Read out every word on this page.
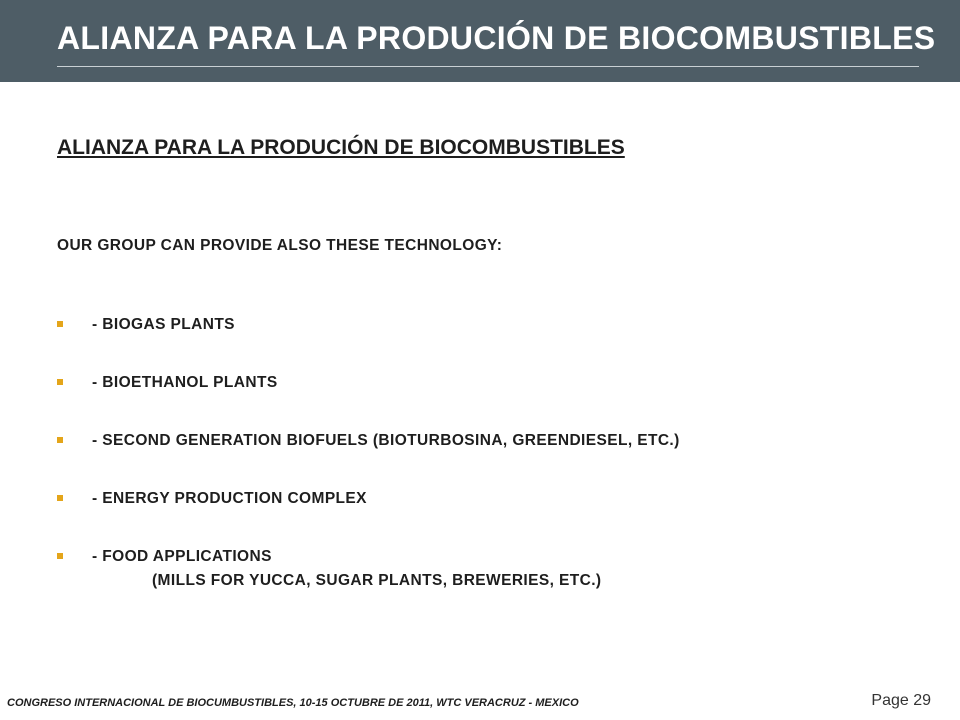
ALIANZA PARA LA PRODUCIÓN DE BIOCOMBUSTIBLES
ALIANZA PARA LA PRODUCIÓN DE BIOCOMBUSTIBLES
OUR GROUP CAN PROVIDE ALSO THESE TECHNOLOGY:
- BIOGAS PLANTS
- BIOETHANOL PLANTS
- SECOND GENERATION BIOFUELS (BIOTURBOSINA, GREENDIESEL, ETC.)
- ENERGY PRODUCTION COMPLEX
- FOOD APPLICATIONS
(MILLS FOR YUCCA, SUGAR PLANTS, BREWERIES, ETC.)
CONGRESO INTERNACIONAL DE BIOCUMBUSTIBLES, 10-15 OCTUBRE DE 2011, WTC VERACRUZ - MEXICO	Page 29
